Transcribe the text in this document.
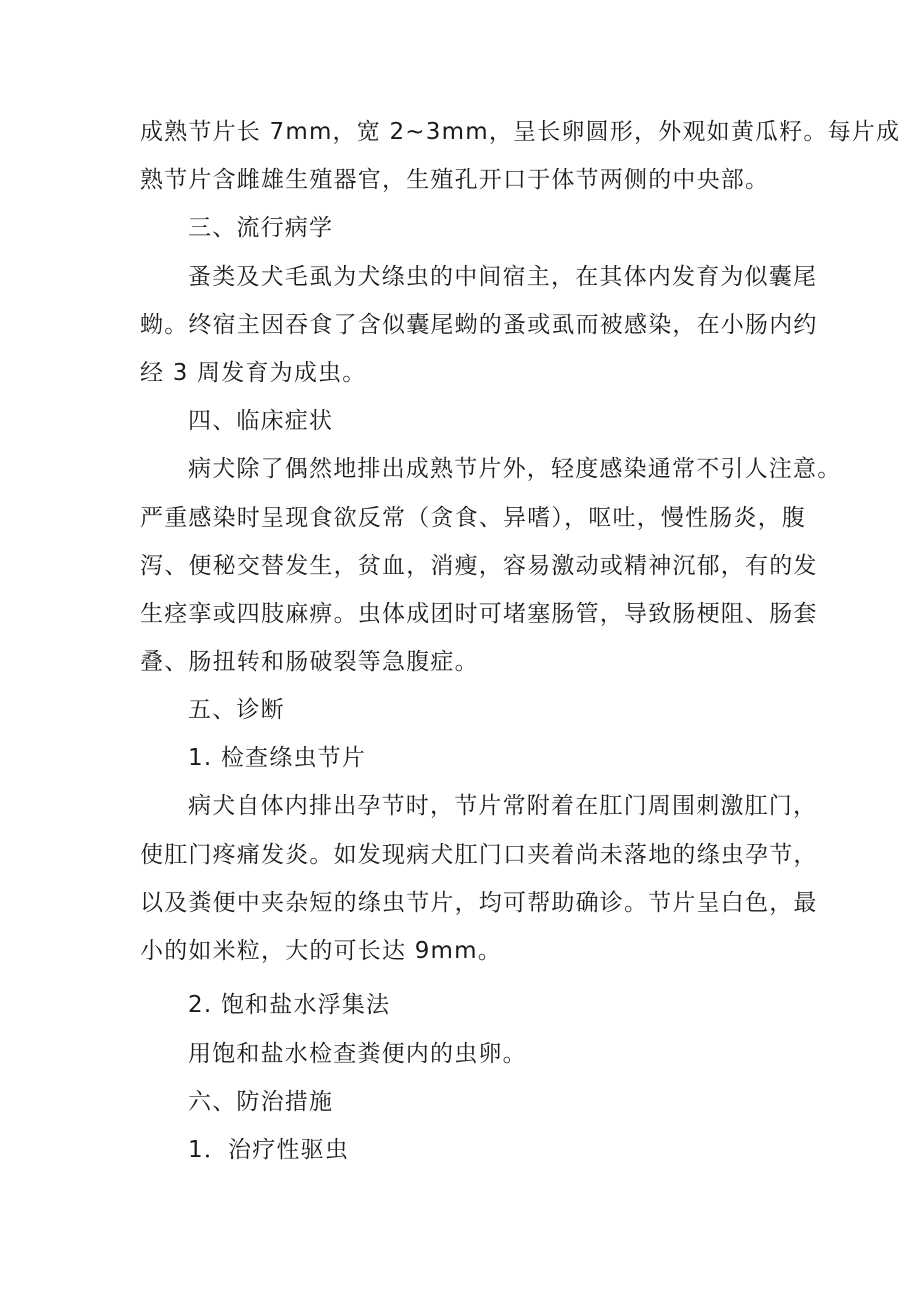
成熟节片长 7mm，宽 2~3mm，呈长卵圆形，外观如黄瓜籽。每片成
熟节片含雌雄生殖器官，生殖孔开口于体节两侧的中央部。
三、流行病学
蚤类及犬毛虱为犬绦虫的中间宿主，在其体内发育为似囊尾
蚴。终宿主因吞食了含似囊尾蚴的蚤或虱而被感染，在小肠内约
经 3 周发育为成虫。
四、临床症状
病犬除了偶然地排出成熟节片外，轻度感染通常不引人注意。
严重感染时呈现食欲反常（贪食、异嗜），呕吐，慢性肠炎，腹
泻、便秘交替发生，贫血，消瘦，容易激动或精神沉郁，有的发
生痉挛或四肢麻痹。虫体成团时可堵塞肠管，导致肠梗阻、肠套
叠、肠扭转和肠破裂等急腹症。
五、诊断
1. 检查绦虫节片
病犬自体内排出孕节时，节片常附着在肛门周围刺激肛门，
使肛门疼痛发炎。如发现病犬肛门口夹着尚未落地的绦虫孕节，
以及粪便中夹杂短的绦虫节片，均可帮助确诊。节片呈白色，最
小的如米粒，大的可长达 9mm。
2. 饱和盐水浮集法
用饱和盐水检查粪便内的虫卵。
六、防治措施
1．治疗性驱虫
